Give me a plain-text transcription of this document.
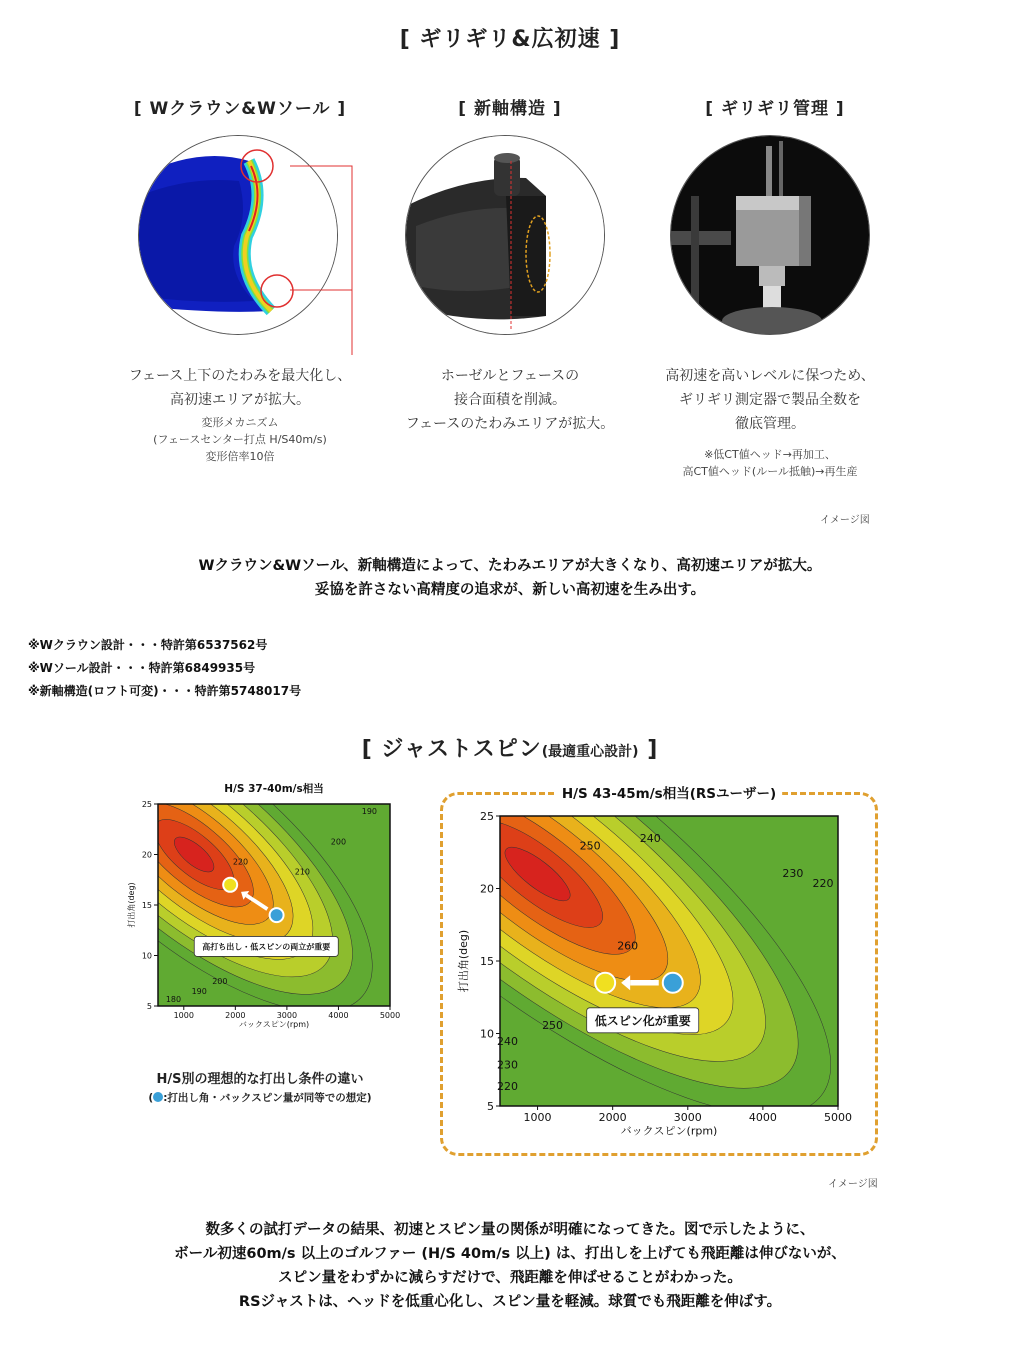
[ ギリギリ&広初速 ]
[ Wクラウン&Wソール ]	[ 新軸構造 ]	[ ギリギリ管理 ]
フェース上下のたわみを最大化し、
高初速エリアが拡大。
変形メカニズム
(フェースセンター打点 H/S40m/s)
変形倍率10倍
ホーゼルとフェースの
接合面積を削減。
フェースのたわみエリアが拡大。
高初速を高いレベルに保つため、
ギリギリ測定器で製品全数を
徹底管理。
※低CT値ヘッド→再加工、
高CT値ヘッド(ルール抵触)→再生産
イメージ図
Wクラウン&Wソール、新軸構造によって、たわみエリアが大きくなり、高初速エリアが拡大。
妥協を許さない高精度の追求が、新しい高初速を生み出す。
※Wクラウン設計・・・特許第6537562号
※Wソール設計・・・特許第6849935号
※新軸構造(ロフト可変)・・・特許第5748017号
[ ジャストスピン(最適重心設計) ]
1000	2000	3000	4000	5000
5
10
15
20
25
H/S 37-40m/s相当
バックスピン(rpm)
打出角(deg)
190
200
210
220
200
190
180
高打ち出し・低スピンの両立が重要
H/S別の理想的な打出し条件の違い
( :打出し角・バックスピン量が同等での想定)
1000	2000	3000	4000	5000
5
10
15
20
25
H/S 43-45m/s相当(RSユーザー)
バックスピン(rpm)
打出角(deg)
250
240
230
220
260
250
240
230
220
低スピン化が重要
イメージ図
数多くの試打データの結果、初速とスピン量の関係が明確になってきた。図で示したように、
ボール初速60m/s 以上のゴルファー (H/S 40m/s 以上) は、打出しを上げても飛距離は伸びないが、
スピン量をわずかに減らすだけで、飛距離を伸ばせることがわかった。
RSジャストは、ヘッドを低重心化し、スピン量を軽減。球質でも飛距離を伸ばす。
